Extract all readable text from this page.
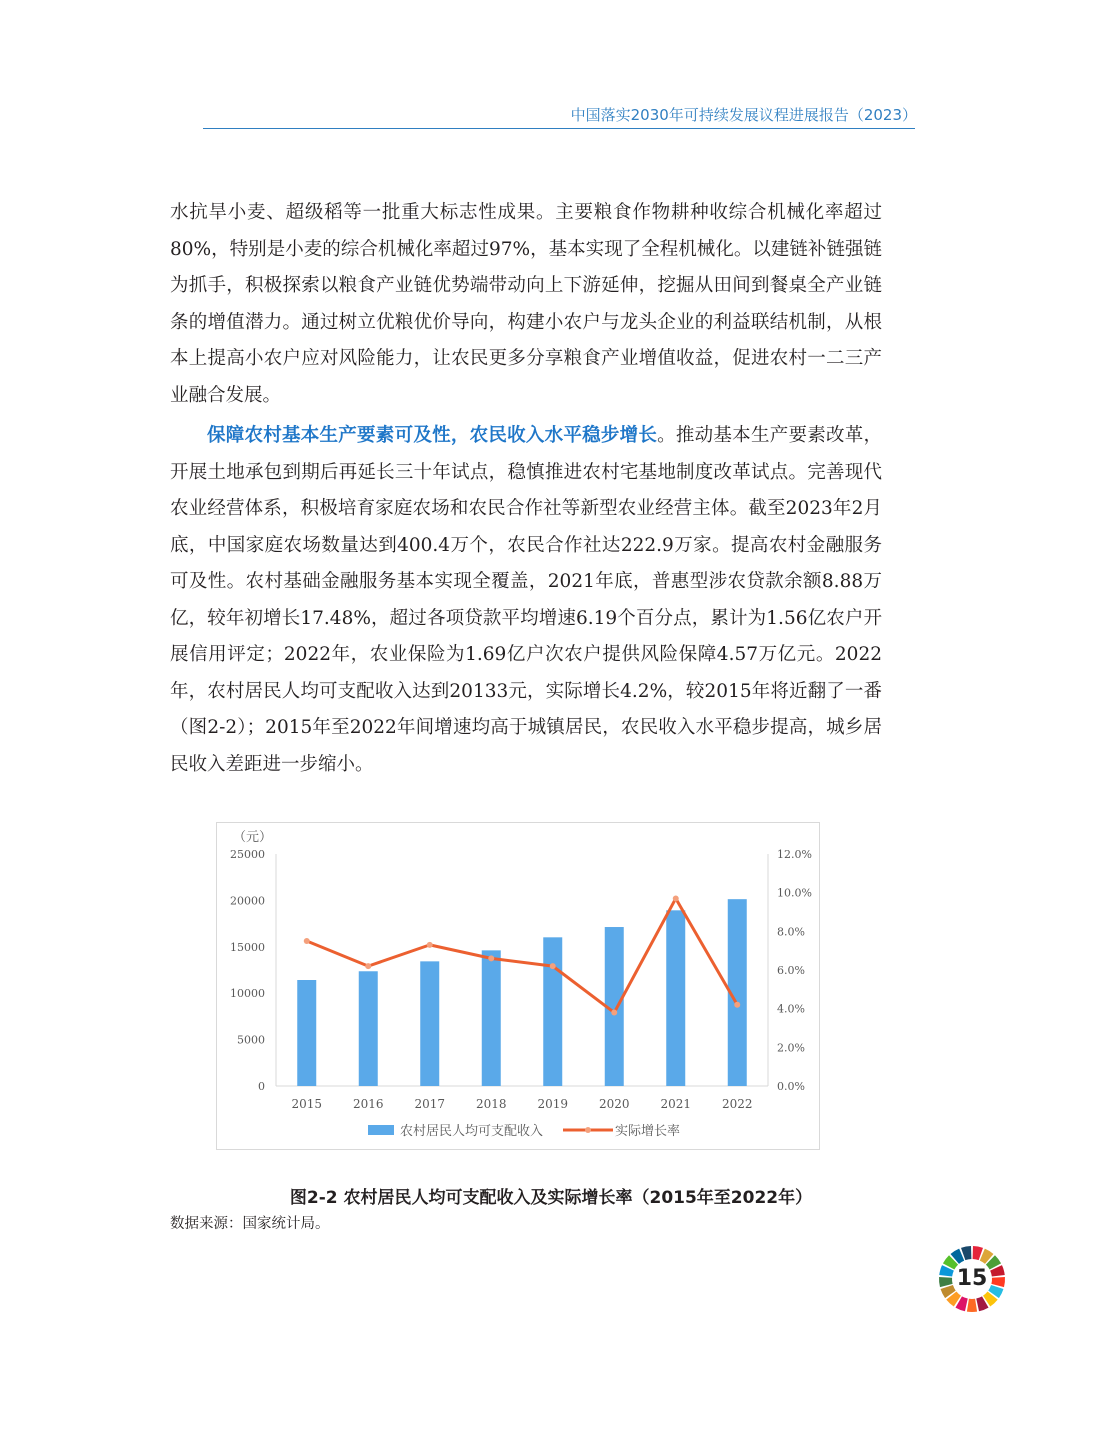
中国落实2030年可持续发展议程进展报告（2023）

水抗旱小麦、超级稻等一批重大标志性成果。主要粮食作物耕种收综合机械化率超过80%，特别是小麦的综合机械化率超过97%，基本实现了全程机械化。以建链补链强链为抓手，积极探索以粮食产业链优势端带动向上下游延伸，挖掘从田间到餐桌全产业链条的增值潜力。通过树立优粮优价导向，构建小农户与龙头企业的利益联结机制，从根本上提高小农户应对风险能力，让农民更多分享粮食产业增值收益，促进农村一二三产业融合发展。

保障农村基本生产要素可及性，农民收入水平稳步增长。推动基本生产要素改革，开展土地承包到期后再延长三十年试点，稳慎推进农村宅基地制度改革试点。完善现代农业经营体系，积极培育家庭农场和农民合作社等新型农业经营主体。截至2023年2月底，中国家庭农场数量达到400.4万个，农民合作社达222.9万家。提高农村金融服务可及性。农村基础金融服务基本实现全覆盖，2021年底，普惠型涉农贷款余额8.88万亿，较年初增长17.48%，超过各项贷款平均增速6.19个百分点，累计为1.56亿农户开展信用评定；2022年，农业保险为1.69亿户次农户提供风险保障4.57万亿元。2022年，农村居民人均可支配收入达到20133元，实际增长4.2%，较2015年将近翻了一番（图2-2）；2015年至2022年间增速均高于城镇居民，农民收入水平稳步提高，城乡居民收入差距进一步缩小。

（元）
0
5000
10000
15000
20000
25000
0.0%
2.0%
4.0%
6.0%
8.0%
10.0%
12.0%
2015	2016	2017	2018	2019	2020	2021	2022
农村居民人均可支配收入	实际增长率
图2-2 农村居民人均可支配收入及实际增长率（2015年至2022年）
数据来源：国家统计局。
15
